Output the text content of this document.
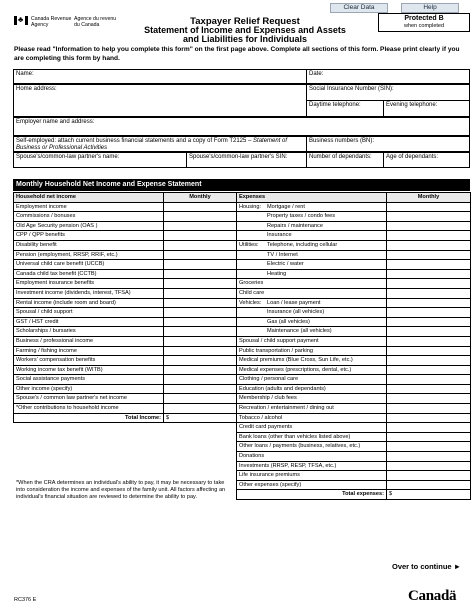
Clear Data	Help
♣ Canada Revenue
Agency
Agence du revenu
du Canada	Taxpayer Relief Request
Statement of Income and Expenses and Assets
and Liabilities for Individuals
Protected B
when completed
Please read "Information to help you complete this form" on the first page above. Complete all sections of this form. Please print clearly if you are completing this form by hand.
Name:	Date:
Home address:	Social Insurance Number (SIN):
Daytime telephone:	Evening telephone:
Employer name and address:
Self-employed: attach current business financial statements and a copy of Form T2125 – Statement of Business or Professional Activities
Business numbers (BN):
Spouse's/common-law partner's name:	Spouse's/common-law partner's SIN:	Number of dependants:	Age of dependants:
Monthly Household Net Income and Expense Statement
Household net income	Monthly	Expenses	Monthly
Employment income		Housing: Mortgage / rent	
Commissions / bonuses		Property taxes / condo fees	
Old Age Security pension (OAS )		Repairs / maintenance	
CPP / QPP benefits		Insurance	
Disability benefit		Utilities: Telephone, including cellular	
Pension (employment, RRSP, RRIF, etc.)		TV / Internet	
Universal child care benefit (UCCB)		Electric / water	
Canada child tax benefit (CCTB)		Heating	
Employment insurance benefits		Groceries	
Investment income (dividends, interest, TFSA)		Child care	
Rental income (include room and board)		Vehicles: Loan / lease payment	
Spousal / child support		Insurance (all vehicles)	
GST / HST credit		Gas (all vehicles)	
Scholarships / bursaries		Maintenance (all vehicles)	
Business / professional income		Spousal / child support payment	
Farming / fishing income		Public transportation / parking	
Workers' compensation benefits		Medical premiums (Blue Cross, Sun Life, etc.)	
Working income tax benefit (WITB)		Medical expenses (prescriptions, dental, etc.)	
Social assistance payments		Clothing / personal care	
Other income (specify)		Education (adults and dependants)	
Spouse's / common law partner's net income		Membership / club fees	
*Other contributions to household income		Recreation / entertainment / dining out	
Total Income:	$	Tobacco / alcohol	
		Credit card payments	
		Bank loans (other than vehicles listed above)	
		Other loans / payments (business, relatives, etc.)	
		Donations	
		Investments (RRSP, RESP, TFSA, etc.)	
		Life insurance premiums	
		Other expenses (specify)	
		Total expenses:	$
*When the CRA determines an individual's ability to pay, it may be necessary to take into consideration the income and expenses of the family unit. All factors affecting an individual's financial situation are reviewed to determine the ability to pay.
Over to continue ►
RC376 E	Canadä
